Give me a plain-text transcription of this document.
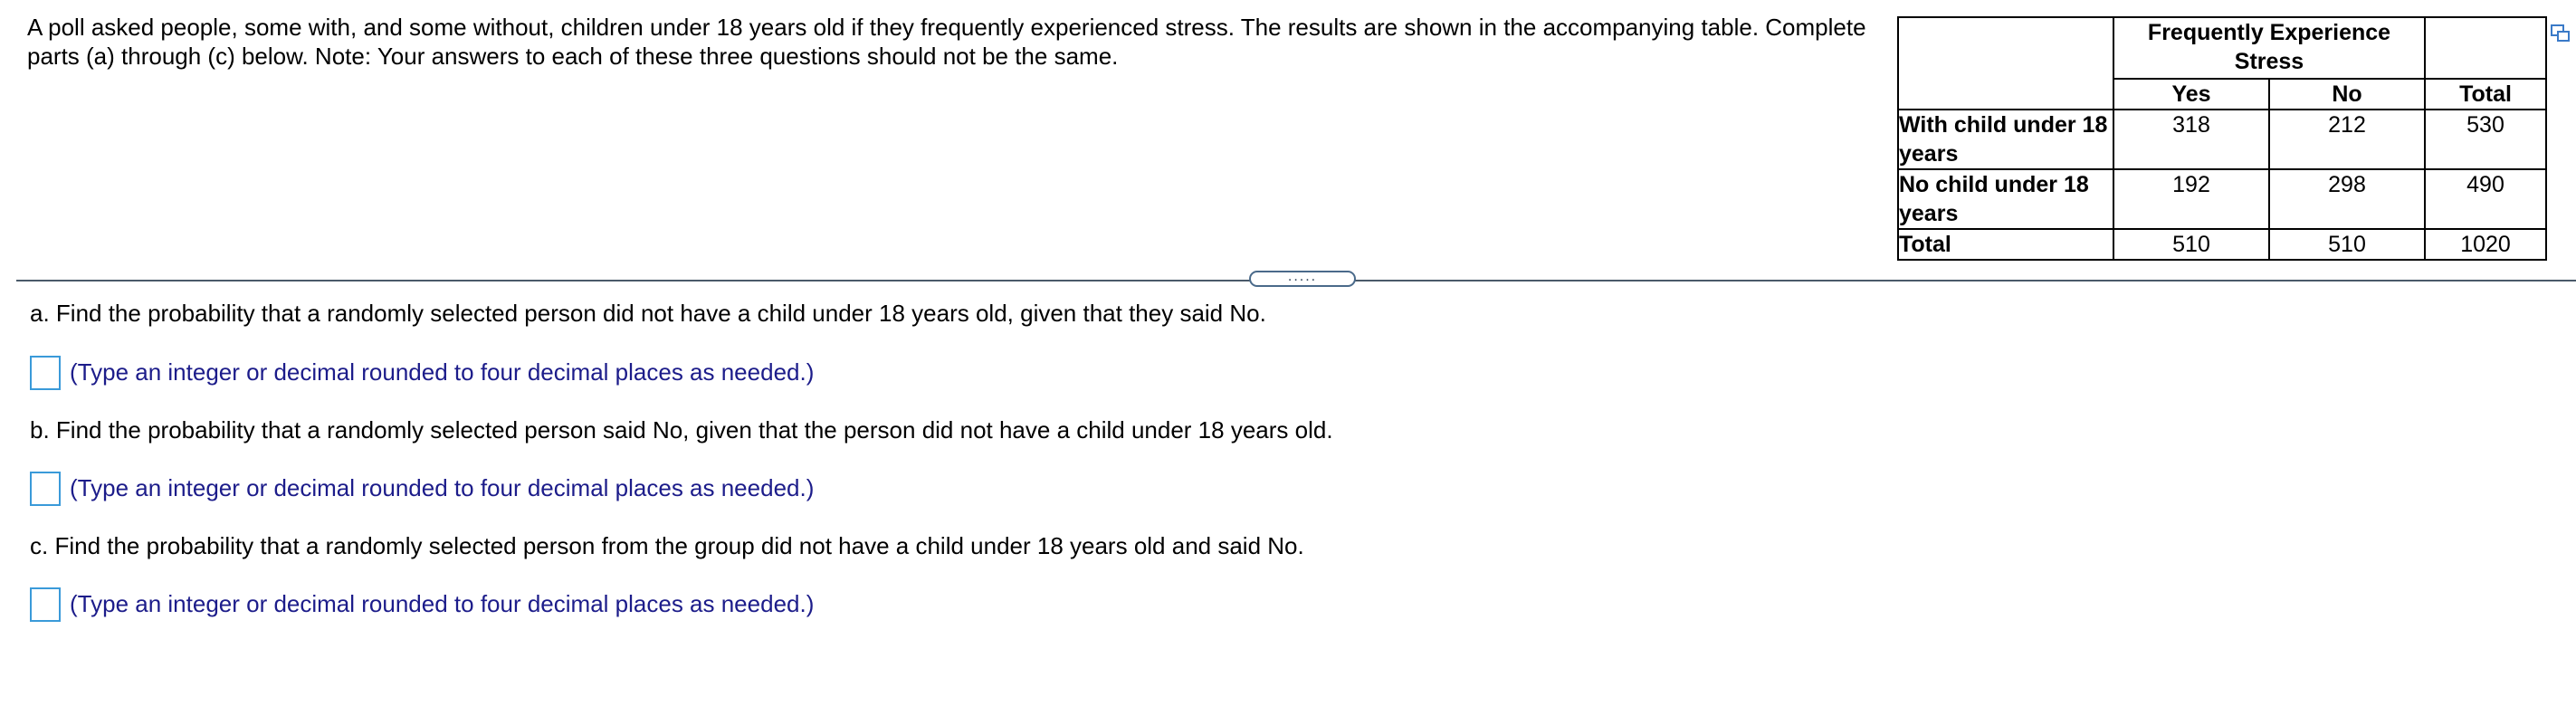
A poll asked people, some with, and some without, children under 18 years old if they frequently experienced stress. The results are shown in the accompanying table. Complete parts (a) through (c) below. Note: Your answers to each of these three questions should not be the same.
	Frequently Experience Stress		
	Yes	No	Total
With child under 18 years	318	212	530
No child under 18 years	192	298	490
Total	510	510	1020
.....
a. Find the probability that a randomly selected person did not have a child under 18 years old, given that they said No.
(Type an integer or decimal rounded to four decimal places as needed.)
b. Find the probability that a randomly selected person said No, given that the person did not have a child under 18 years old.
(Type an integer or decimal rounded to four decimal places as needed.)
c. Find the probability that a randomly selected person from the group did not have a child under 18 years old and said No.
(Type an integer or decimal rounded to four decimal places as needed.)
